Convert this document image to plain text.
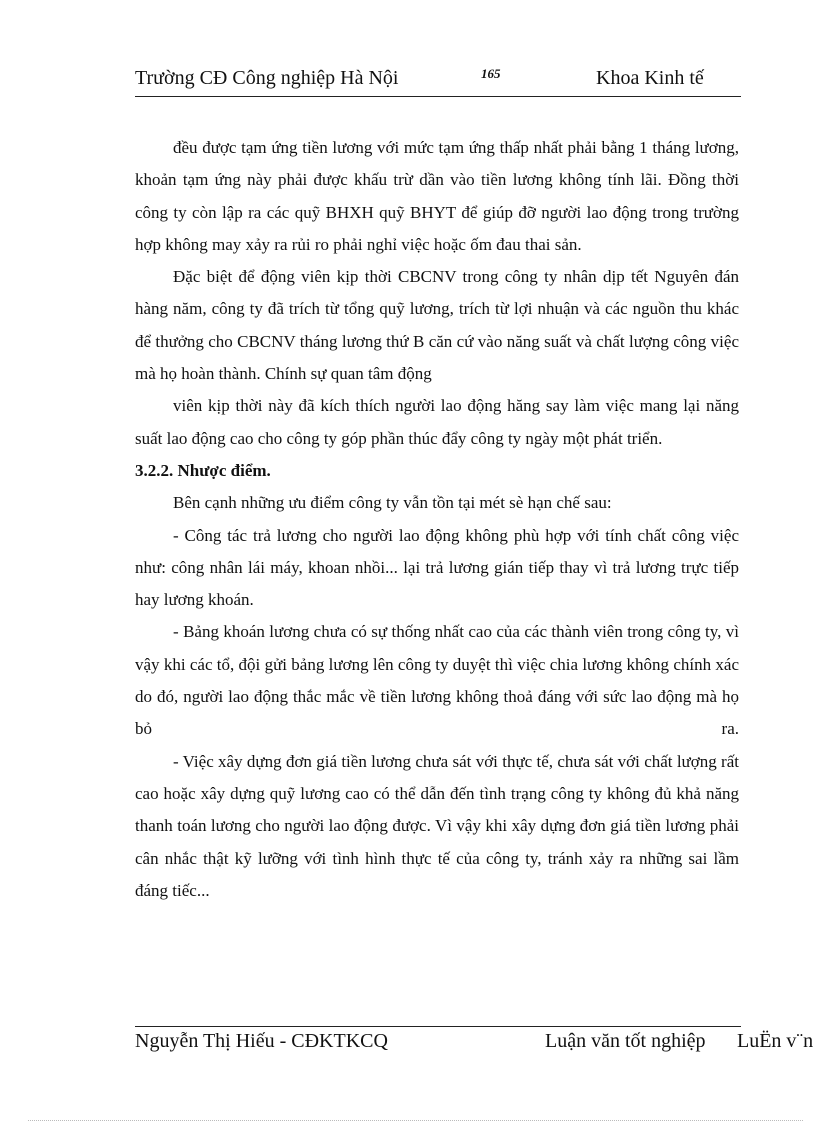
Trường CĐ Công nghiệp Hà Nội	165	Khoa Kinh tế

đều được tạm ứng tiền lương với mức tạm ứng thấp nhất phải bằng 1 tháng lương, khoản tạm ứng này phải được khấu trừ dần vào tiền lương không tính lãi. Đồng thời công ty còn lập ra các quỹ BHXH quỹ BHYT để giúp đỡ người lao động trong trường hợp không may xảy ra rủi ro phải nghỉ việc hoặc ốm đau thai sản.

Đặc biệt để động viên kịp thời CBCNV trong công ty nhân dịp tết Nguyên đán hàng năm, công ty đã trích từ tổng quỹ lương, trích từ lợi nhuận và các nguồn thu khác để thưởng cho CBCNV tháng lương thứ B căn cứ vào năng suất và chất lượng công việc mà họ hoàn thành. Chính sự quan tâm động

viên kịp thời này đã kích thích người lao động hăng say làm việc mang lại năng suất lao động cao cho công ty góp phần thúc đẩy công ty ngày một phát triển.

3.2.2. Nhược điểm.

Bên cạnh những ưu điểm công ty vẫn tồn tại mét sè hạn chế sau:

- Công tác trả lương cho người lao động không phù hợp với tính chất công việc như: công nhân lái máy, khoan nhồi... lại trả lương gián tiếp thay vì trả lương trực tiếp hay lương khoán.

- Bảng khoán lương chưa có sự thống nhất cao của các thành viên trong công ty, vì vậy khi các tổ, đội gửi bảng lương lên công ty duyệt thì việc chia lương không chính xác do đó, người lao động thắc mắc về tiền lương không thoả đáng với sức lao động mà họ bỏ ra.

- Việc xây dựng đơn giá tiền lương chưa sát với thực tế, chưa sát với chất lượng rất cao hoặc xây dựng quỹ lương cao có thể dẫn đến tình trạng công ty không đủ khả năng thanh toán lương cho người lao động được. Vì vậy khi xây dựng đơn giá tiền lương phải cân nhắc thật kỹ lưỡng với tình hình thực tế của công ty, tránh xảy ra những sai lầm đáng tiếc...

Nguyễn Thị Hiếu - CĐKTKCQ	Luận văn tốt nghiệp LuËn v¨n
